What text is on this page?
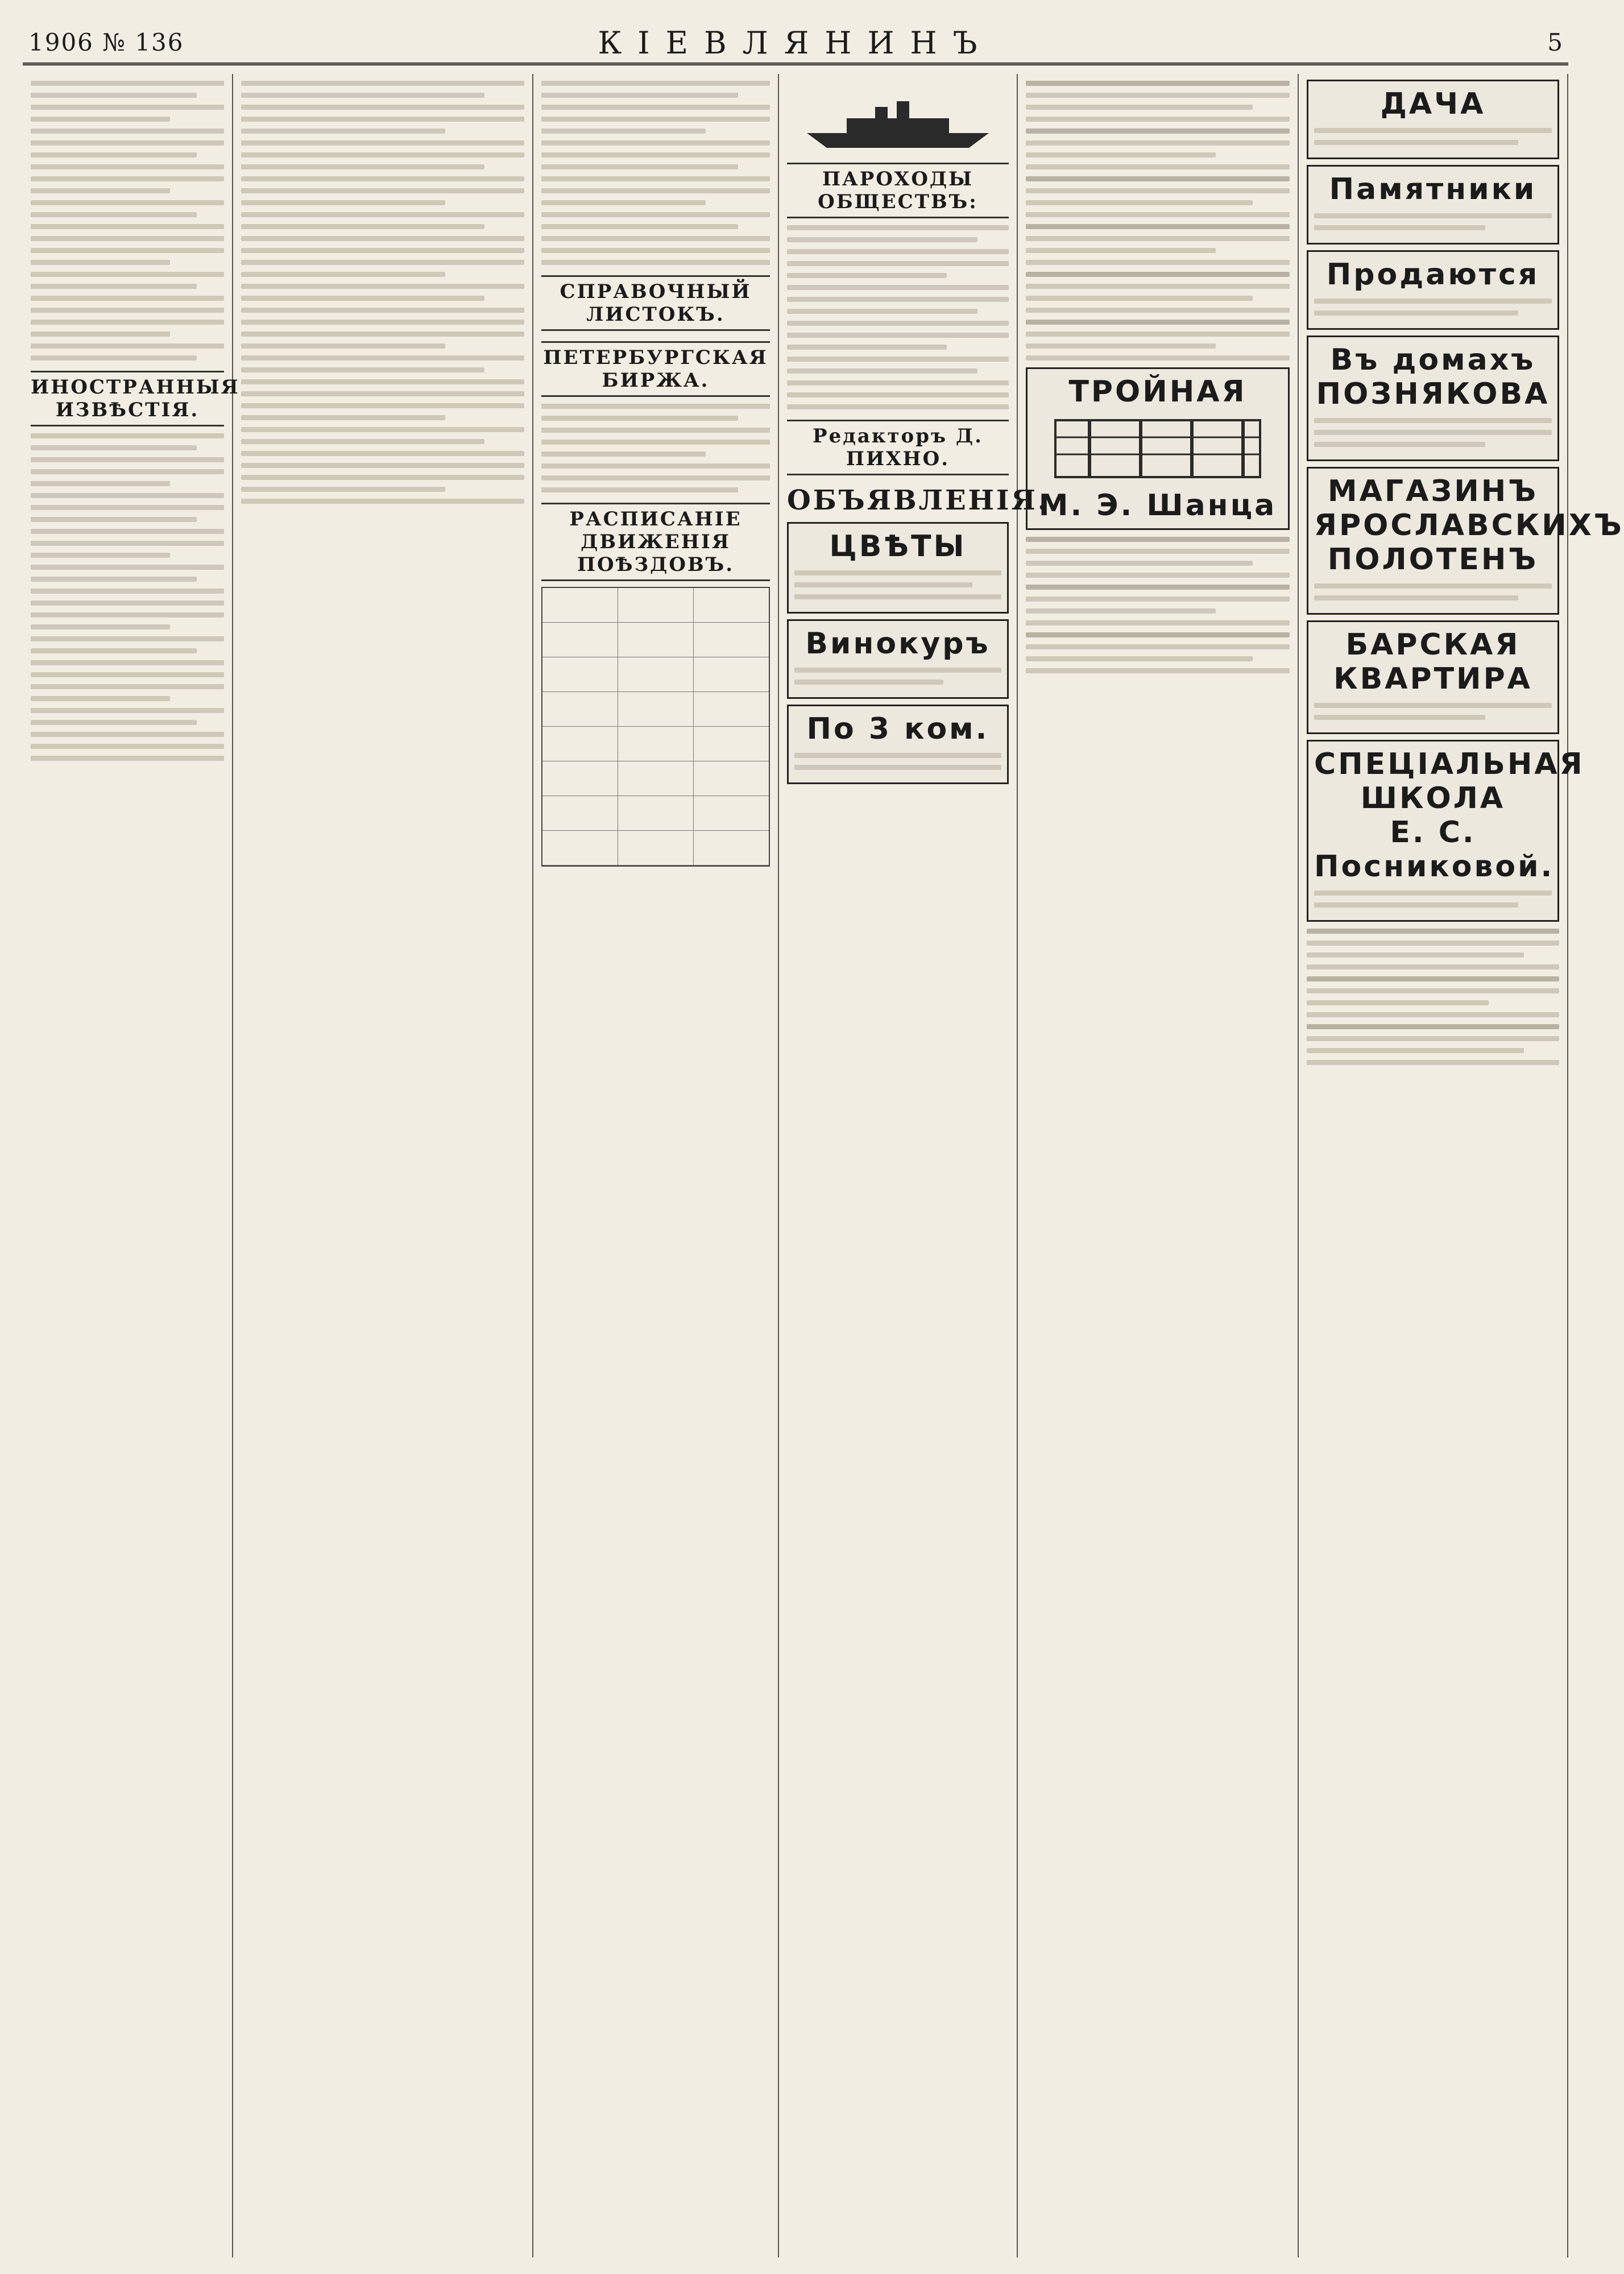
1906 № 136	КІЕВЛЯНИНЪ	5
ИНОСТРАННЫЯ ИЗВѢСТІЯ.
СПРАВОЧНЫЙ ЛИСТОКЪ.
ПЕТЕРБУРГСКАЯ БИРЖА.
РАСПИСАНІЕ ДВИЖЕНІЯ ПОѢЗДОВЪ.
ПАРОХОДЫ ОБЩЕСТВЪ:
Редакторъ Д. ПИХНО.
ОБЪЯВЛЕНІЯ.
ЦВѢТЫ
Винокуръ
По 3 ком.
ТРОЙНАЯ
М. Э. Шанца
ДАЧА
Памятники
Продаются
Въ домахъ ПОЗНЯКОВА
МАГАЗИНЪ
ЯРОСЛАВСКИХЪ ПОЛОТЕНЪ
БАРСКАЯ КВАРТИРА
СПЕЦІАЛЬНАЯ ШКОЛА
Е. С. Посниковой.
